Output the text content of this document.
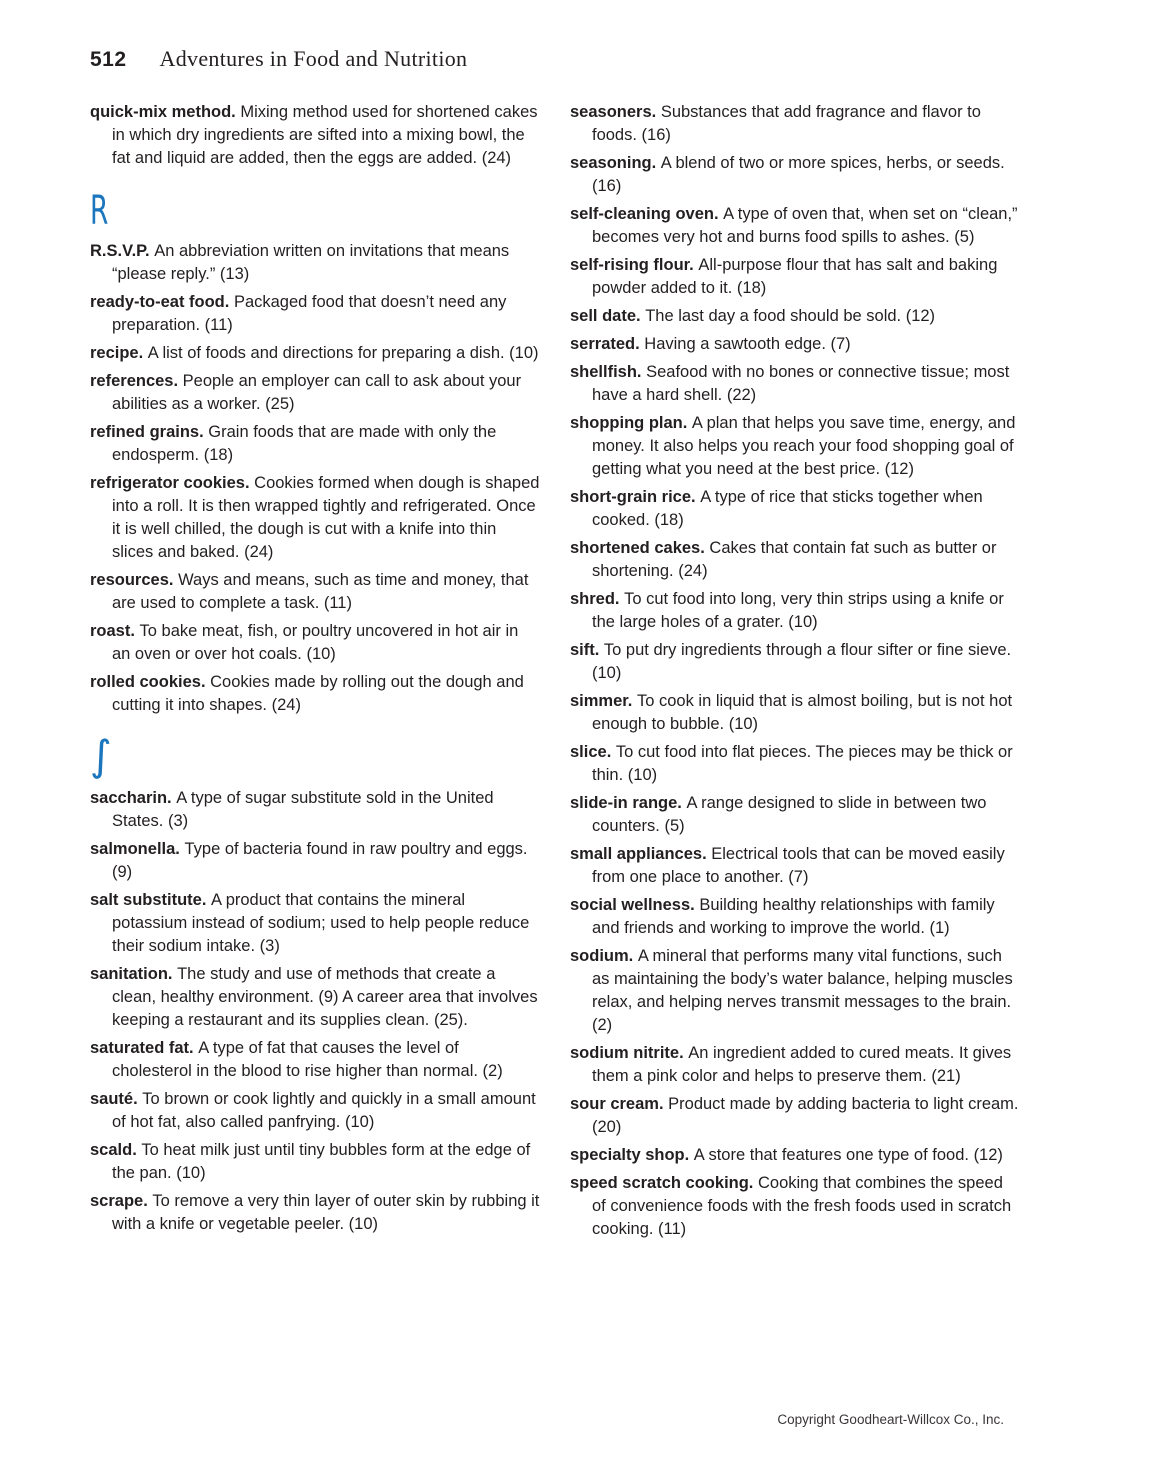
512 Adventures in Food and Nutrition

quick-mix method. Mixing method used for shortened cakes in which dry ingredients are sifted into a mixing bowl, the fat and liquid are added, then the eggs are added. (24)

R

R.S.V.P. An abbreviation written on invitations that means “please reply.” (13)

ready-to-eat food. Packaged food that doesn’t need any preparation. (11)

recipe. A list of foods and directions for preparing a dish. (10)

references. People an employer can call to ask about your abilities as a worker. (25)

refined grains. Grain foods that are made with only the endosperm. (18)

refrigerator cookies. Cookies formed when dough is shaped into a roll. It is then wrapped tightly and refrigerated. Once it is well chilled, the dough is cut with a knife into thin slices and baked. (24)

resources. Ways and means, such as time and money, that are used to complete a task. (11)

roast. To bake meat, fish, or poultry uncovered in hot air in an oven or over hot coals. (10)

rolled cookies. Cookies made by rolling out the dough and cutting it into shapes. (24)

∫

saccharin. A type of sugar substitute sold in the United States. (3)

salmonella. Type of bacteria found in raw poultry and eggs. (9)

salt substitute. A product that contains the mineral potassium instead of sodium; used to help people reduce their sodium intake. (3)

sanitation. The study and use of methods that create a clean, healthy environment. (9) A career area that involves keeping a restaurant and its supplies clean. (25).

saturated fat. A type of fat that causes the level of cholesterol in the blood to rise higher than normal. (2)

sauté. To brown or cook lightly and quickly in a small amount of hot fat, also called panfrying. (10)

scald. To heat milk just until tiny bubbles form at the edge of the pan. (10)

scrape. To remove a very thin layer of outer skin by rubbing it with a knife or vegetable peeler. (10)

seasoners. Substances that add fragrance and flavor to foods. (16)

seasoning. A blend of two or more spices, herbs, or seeds. (16)

self-cleaning oven. A type of oven that, when set on “clean,” becomes very hot and burns food spills to ashes. (5)

self-rising flour. All-purpose flour that has salt and baking powder added to it. (18)

sell date. The last day a food should be sold. (12)

serrated. Having a sawtooth edge. (7)

shellfish. Seafood with no bones or connective tissue; most have a hard shell. (22)

shopping plan. A plan that helps you save time, energy, and money. It also helps you reach your food shopping goal of getting what you need at the best price. (12)

short-grain rice. A type of rice that sticks together when cooked. (18)

shortened cakes. Cakes that contain fat such as butter or shortening. (24)

shred. To cut food into long, very thin strips using a knife or the large holes of a grater. (10)

sift. To put dry ingredients through a flour sifter or fine sieve. (10)

simmer. To cook in liquid that is almost boiling, but is not hot enough to bubble. (10)

slice. To cut food into flat pieces. The pieces may be thick or thin. (10)

slide-in range. A range designed to slide in between two counters. (5)

small appliances. Electrical tools that can be moved easily from one place to another. (7)

social wellness. Building healthy relationships with family and friends and working to improve the world. (1)

sodium. A mineral that performs many vital functions, such as maintaining the body’s water balance, helping muscles relax, and helping nerves transmit messages to the brain. (2)

sodium nitrite. An ingredient added to cured meats. It gives them a pink color and helps to preserve them. (21)

sour cream. Product made by adding bacteria to light cream. (20)

specialty shop. A store that features one type of food. (12)

speed scratch cooking. Cooking that combines the speed of convenience foods with the fresh foods used in scratch cooking. (11)

Copyright Goodheart-Willcox Co., Inc.
